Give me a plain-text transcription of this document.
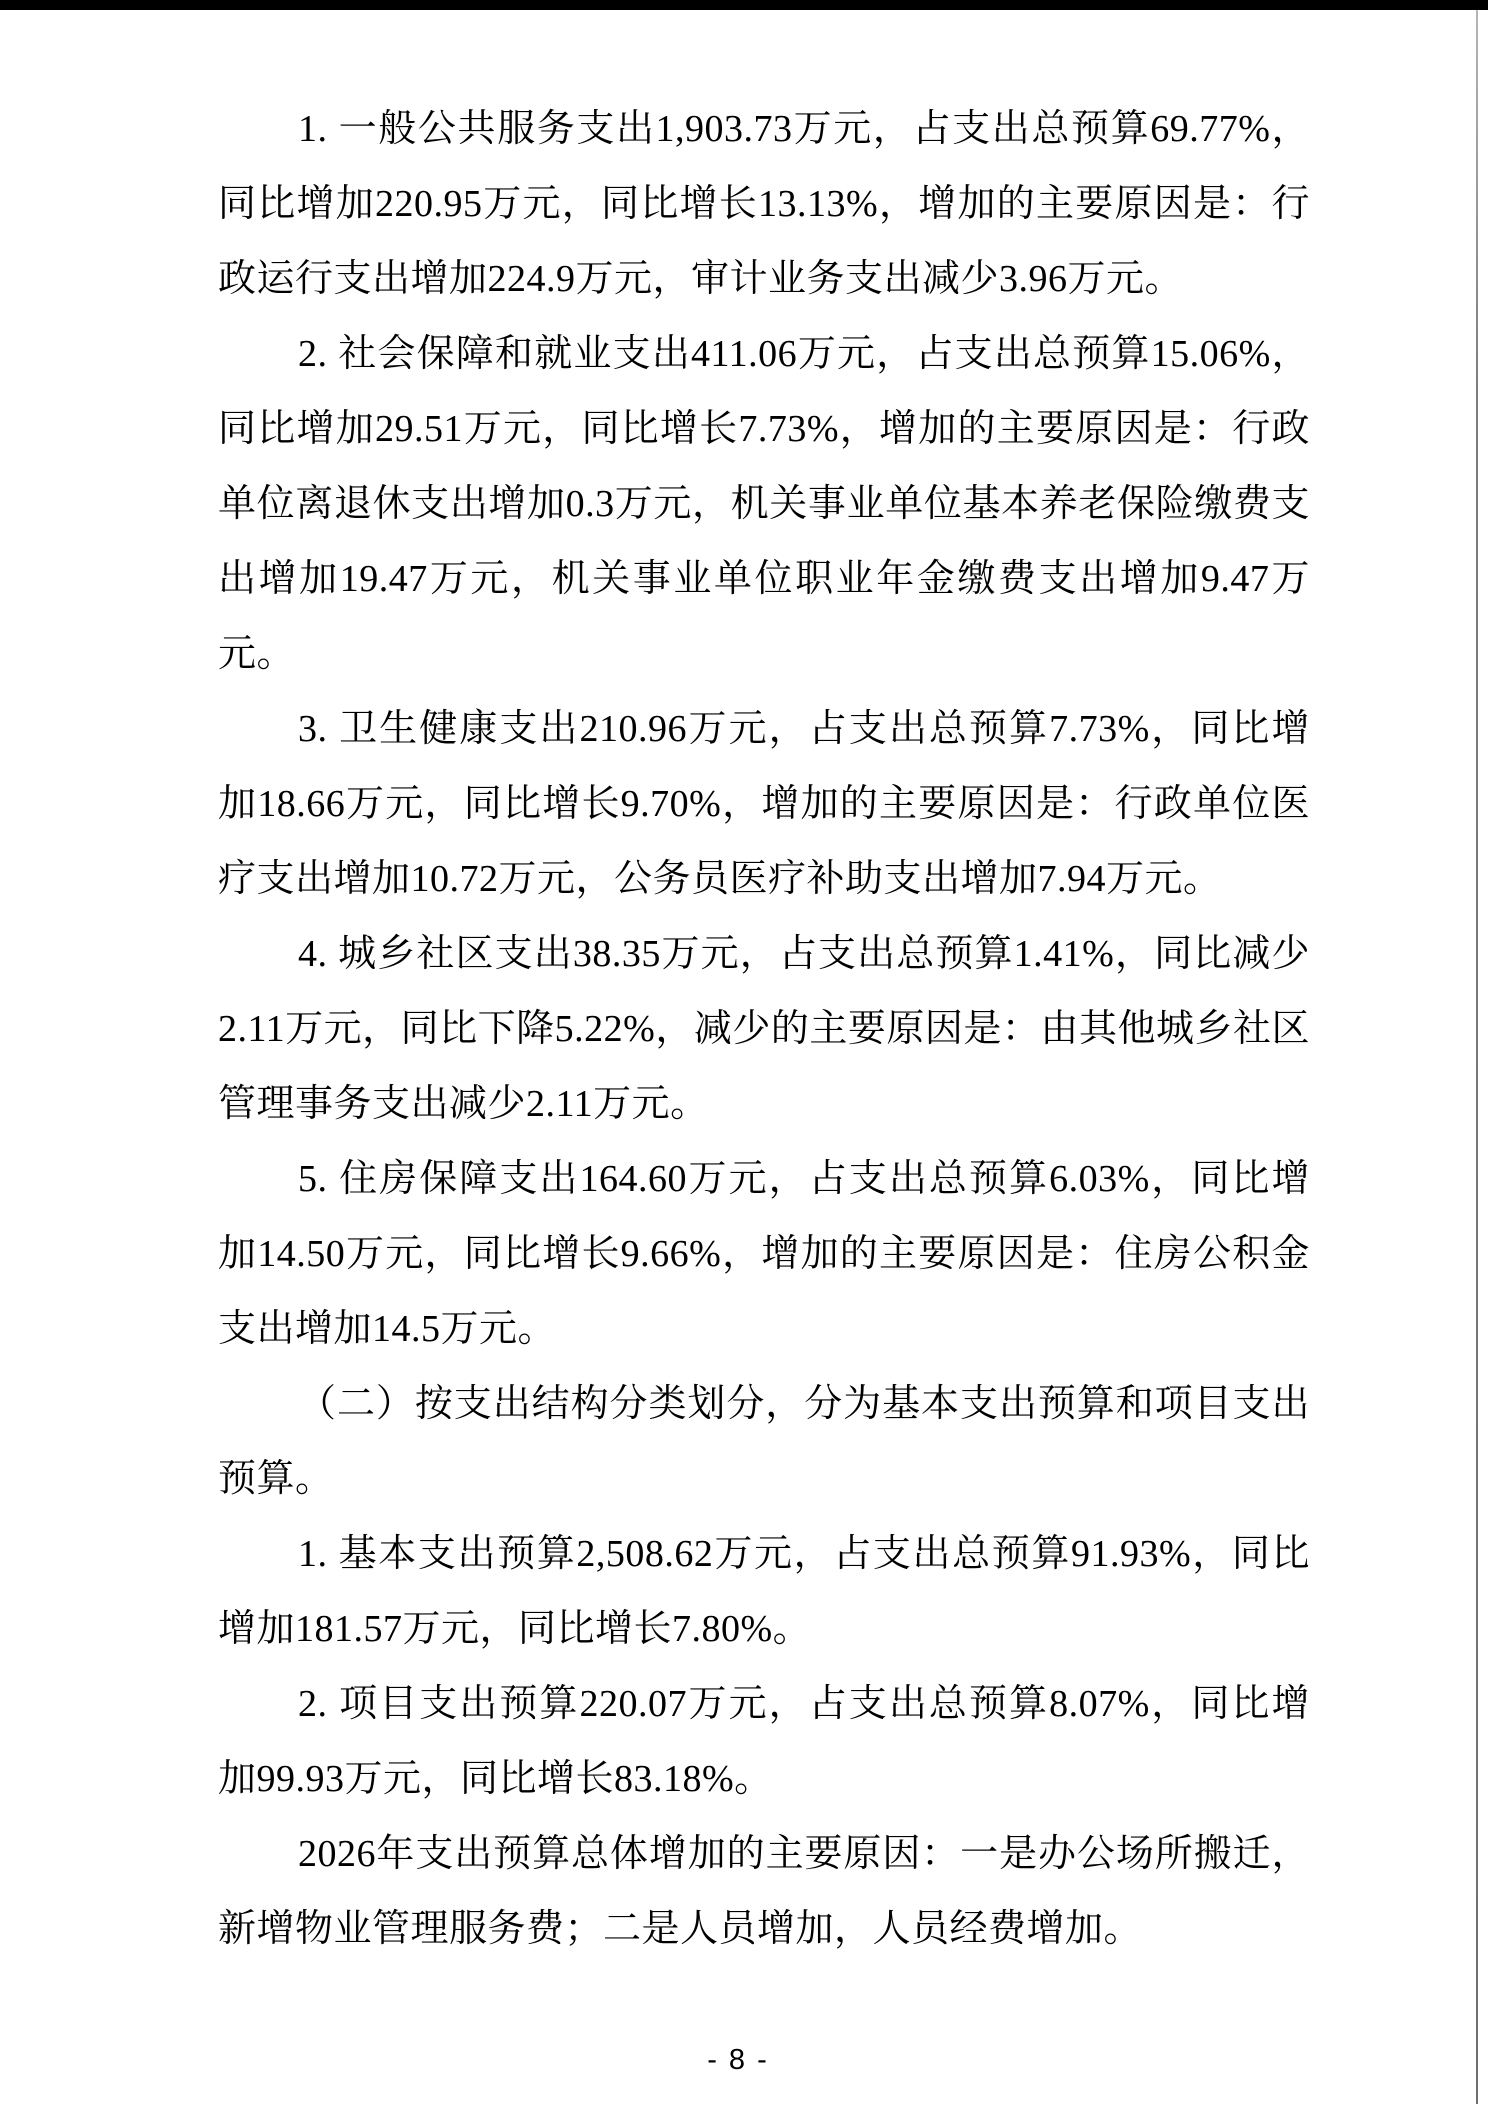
1. 一般公共服务支出1,903.73万元，占支出总预算69.77%，同比增加220.95万元，同比增长13.13%，增加的主要原因是：行政运行支出增加224.9万元，审计业务支出减少3.96万元。

2. 社会保障和就业支出411.06万元，占支出总预算15.06%，同比增加29.51万元，同比增长7.73%，增加的主要原因是：行政单位离退休支出增加0.3万元，机关事业单位基本养老保险缴费支出增加19.47万元，机关事业单位职业年金缴费支出增加9.47万元。

3. 卫生健康支出210.96万元，占支出总预算7.73%，同比增加18.66万元，同比增长9.70%，增加的主要原因是：行政单位医疗支出增加10.72万元，公务员医疗补助支出增加7.94万元。

4. 城乡社区支出38.35万元，占支出总预算1.41%，同比减少2.11万元，同比下降5.22%，减少的主要原因是：由其他城乡社区管理事务支出减少2.11万元。

5. 住房保障支出164.60万元，占支出总预算6.03%，同比增加14.50万元，同比增长9.66%，增加的主要原因是：住房公积金支出增加14.5万元。

（二）按支出结构分类划分，分为基本支出预算和项目支出预算。

1. 基本支出预算2,508.62万元，占支出总预算91.93%，同比增加181.57万元，同比增长7.80%。

2. 项目支出预算220.07万元，占支出总预算8.07%，同比增加99.93万元，同比增长83.18%。

2026年支出预算总体增加的主要原因：一是办公场所搬迁，新增物业管理服务费；二是人员增加，人员经费增加。

- 8 -
